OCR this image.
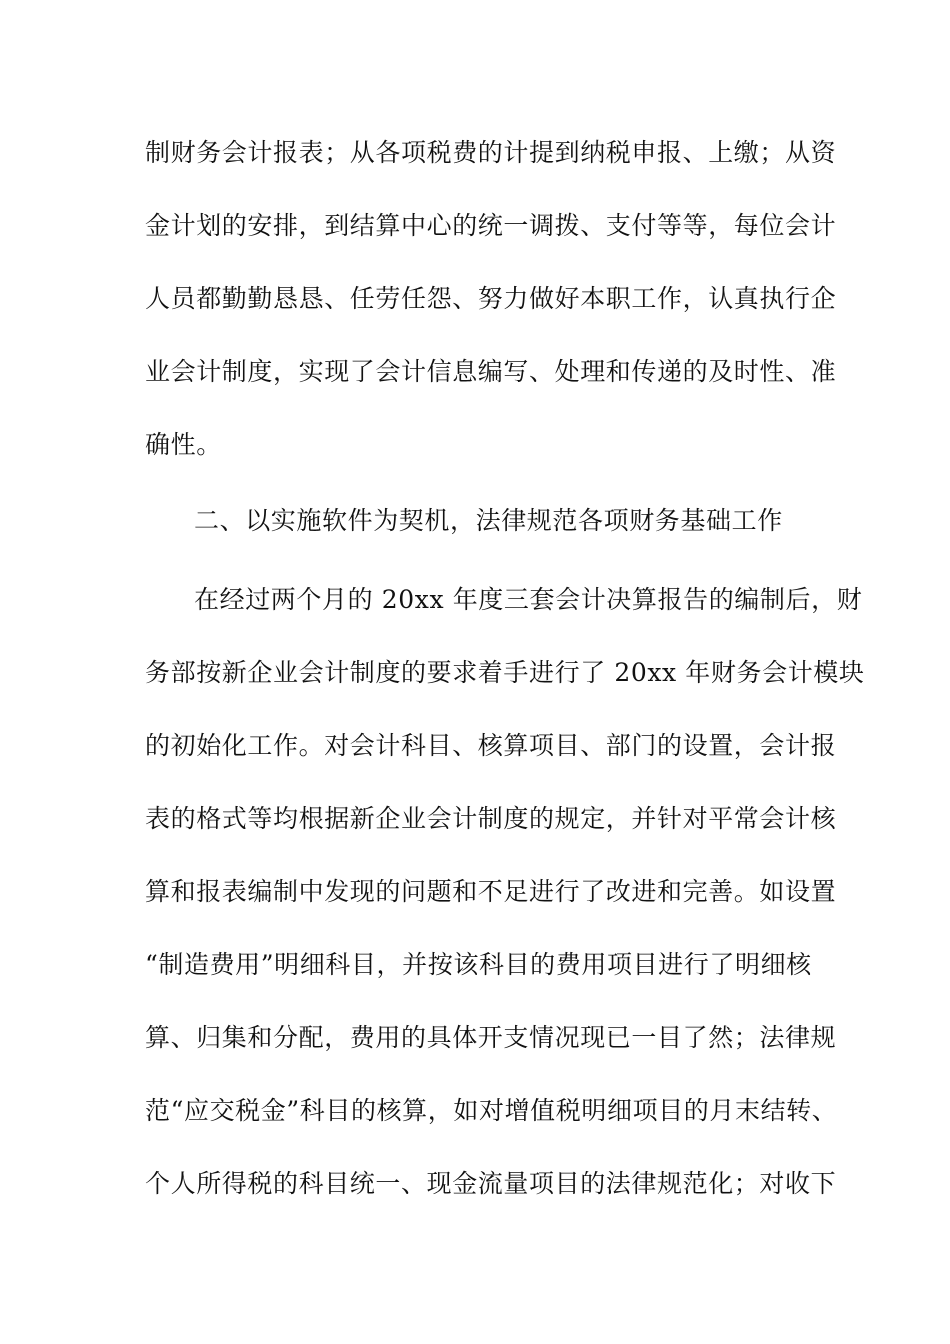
制财务会计报表；从各项税费的计提到纳税申报、上缴；从资
金计划的安排，到结算中心的统一调拨、支付等等，每位会计
人员都勤勤恳恳、任劳任怨、努力做好本职工作，认真执行企
业会计制度，实现了会计信息编写、处理和传递的及时性、准
确性。
二、以实施软件为契机，法律规范各项财务基础工作
在经过两个月的 20xx 年度三套会计决算报告的编制后，财
务部按新企业会计制度的要求着手进行了 20xx 年财务会计模块
的初始化工作。对会计科目、核算项目、部门的设置，会计报
表的格式等均根据新企业会计制度的规定，并针对平常会计核
算和报表编制中发现的问题和不足进行了改进和完善。如设置
“制造费用”明细科目，并按该科目的费用项目进行了明细核
算、归集和分配，费用的具体开支情况现已一目了然；法律规
范“应交税金”科目的核算，如对增值税明细项目的月末结转、
个人所得税的科目统一、现金流量项目的法律规范化；对收下
